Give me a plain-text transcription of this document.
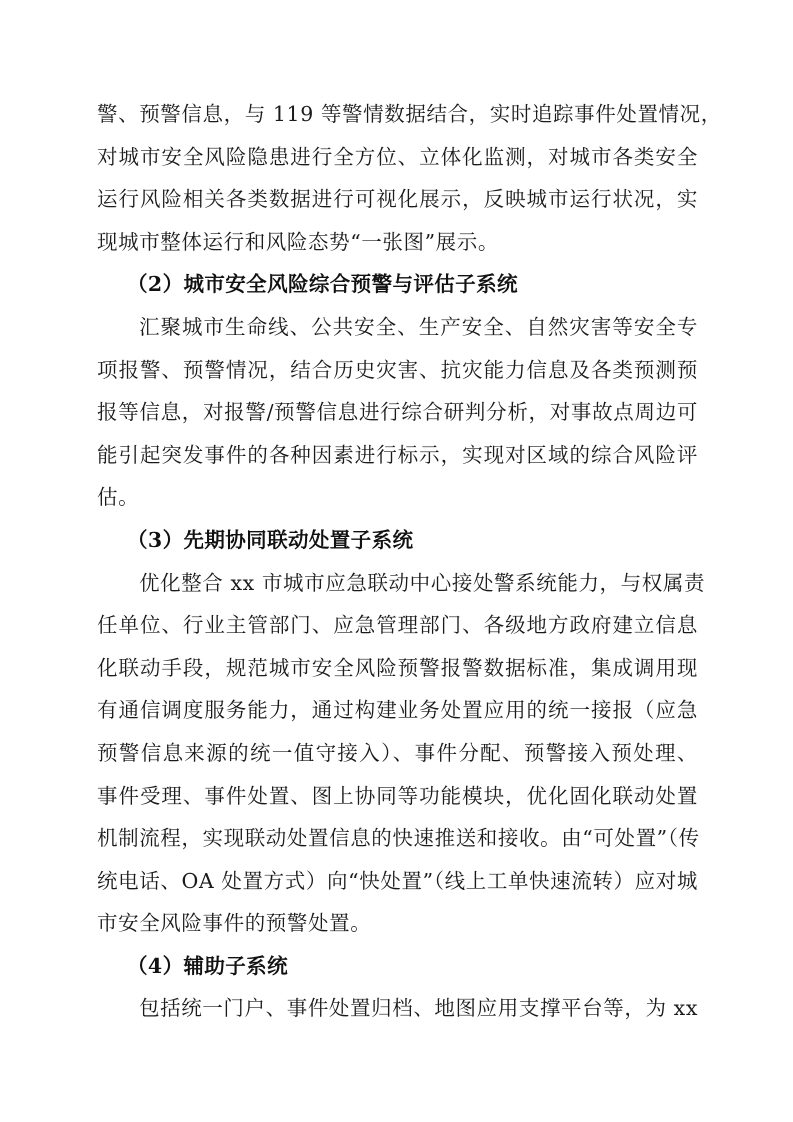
警、预警信息，与 119 等警情数据结合，实时追踪事件处置情况，
对城市安全风险隐患进行全方位、立体化监测，对城市各类安全
运行风险相关各类数据进行可视化展示，反映城市运行状况，实
现城市整体运行和风险态势“一张图”展示。
（2）城市安全风险综合预警与评估子系统
汇聚城市生命线、公共安全、生产安全、自然灾害等安全专
项报警、预警情况，结合历史灾害、抗灾能力信息及各类预测预
报等信息，对报警/预警信息进行综合研判分析，对事故点周边可
能引起突发事件的各种因素进行标示，实现对区域的综合风险评
估。
（3）先期协同联动处置子系统
优化整合 xx 市城市应急联动中心接处警系统能力，与权属责
任单位、行业主管部门、应急管理部门、各级地方政府建立信息
化联动手段，规范城市安全风险预警报警数据标准，集成调用现
有通信调度服务能力，通过构建业务处置应用的统一接报（应急
预警信息来源的统一值守接入）、事件分配、预警接入预处理、
事件受理、事件处置、图上协同等功能模块，优化固化联动处置
机制流程，实现联动处置信息的快速推送和接收。由“可处置”（传
统电话、OA 处置方式）向“快处置”（线上工单快速流转）应对城
市安全风险事件的预警处置。
（4）辅助子系统
包括统一门户、事件处置归档、地图应用支撑平台等，为 xx
